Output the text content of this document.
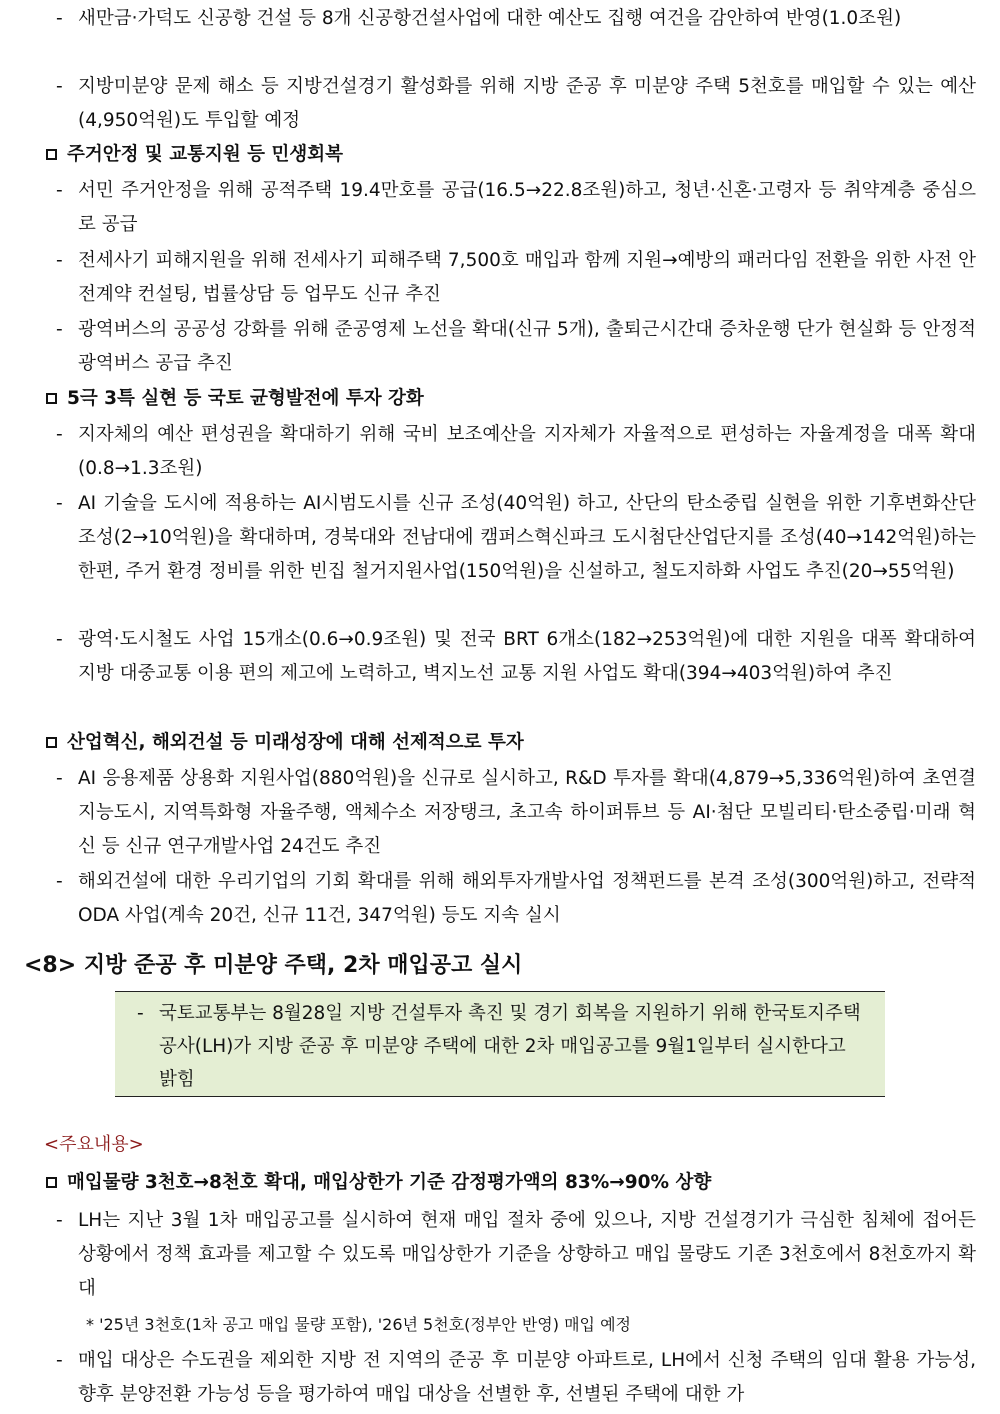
- 새만금·가덕도 신공항 건설 등 8개 신공항건설사업에 대한 예산도 집행 여건을 감안하여 반영(1.0조원)
- 지방미분양 문제 해소 등 지방건설경기 활성화를 위해 지방 준공 후 미분양 주택 5천호를 매입할 수 있는 예산(4,950억원)도 투입할 예정
주거안정 및 교통지원 등 민생회복
- 서민 주거안정을 위해 공적주택 19.4만호를 공급(16.5→22.8조원)하고, 청년·신혼·고령자 등 취약계층 중심으로 공급
- 전세사기 피해지원을 위해 전세사기 피해주택 7,500호 매입과 함께 지원→예방의 패러다임 전환을 위한 사전 안전계약 컨설팅, 법률상담 등 업무도 신규 추진
- 광역버스의 공공성 강화를 위해 준공영제 노선을 확대(신규 5개), 출퇴근시간대 증차운행 단가 현실화 등 안정적 광역버스 공급 추진
5극 3특 실현 등 국토 균형발전에 투자 강화
- 지자체의 예산 편성권을 확대하기 위해 국비 보조예산을 지자체가 자율적으로 편성하는 자율계정을 대폭 확대(0.8→1.3조원)
- AI 기술을 도시에 적용하는 AI시범도시를 신규 조성(40억원) 하고, 산단의 탄소중립 실현을 위한 기후변화산단조성(2→10억원)을 확대하며, 경북대와 전남대에 캠퍼스혁신파크 도시첨단산업단지를 조성(40→142억원)하는 한편, 주거 환경 정비를 위한 빈집 철거지원사업(150억원)을 신설하고, 철도지하화 사업도 추진(20→55억원)
- 광역·도시철도 사업 15개소(0.6→0.9조원) 및 전국 BRT 6개소(182→253억원)에 대한 지원을 대폭 확대하여 지방 대중교통 이용 편의 제고에 노력하고, 벽지노선 교통 지원 사업도 확대(394→403억원)하여 추진
산업혁신, 해외건설 등 미래성장에 대해 선제적으로 투자
- AI 응용제품 상용화 지원사업(880억원)을 신규로 실시하고, R&D 투자를 확대(4,879→5,336억원)하여 초연결 지능도시, 지역특화형 자율주행, 액체수소 저장탱크, 초고속 하이퍼튜브 등 AI·첨단 모빌리티·탄소중립·미래 혁신 등 신규 연구개발사업 24건도 추진
- 해외건설에 대한 우리기업의 기회 확대를 위해 해외투자개발사업 정책펀드를 본격 조성(300억원)하고, 전략적 ODA 사업(계속 20건, 신규 11건, 347억원) 등도 지속 실시
<8> 지방 준공 후 미분양 주택, 2차 매입공고 실시
- 국토교통부는 8월28일 지방 건설투자 촉진 및 경기 회복을 지원하기 위해 한국토지주택공사(LH)가 지방 준공 후 미분양 주택에 대한 2차 매입공고를 9월1일부터 실시한다고 밝힘
<주요내용>
매입물량 3천호→8천호 확대, 매입상한가 기준 감정평가액의 83%→90% 상향
- LH는 지난 3월 1차 매입공고를 실시하여 현재 매입 절차 중에 있으나, 지방 건설경기가 극심한 침체에 접어든 상황에서 정책 효과를 제고할 수 있도록 매입상한가 기준을 상향하고 매입 물량도 기존 3천호에서 8천호까지 확대
* '25년 3천호(1차 공고 매입 물량 포함), '26년 5천호(정부안 반영) 매입 예정
- 매입 대상은 수도권을 제외한 지방 전 지역의 준공 후 미분양 아파트로, LH에서 신청 주택의 임대 활용 가능성, 향후 분양전환 가능성 등을 평가하여 매입 대상을 선별한 후, 선별된 주택에 대한 가
